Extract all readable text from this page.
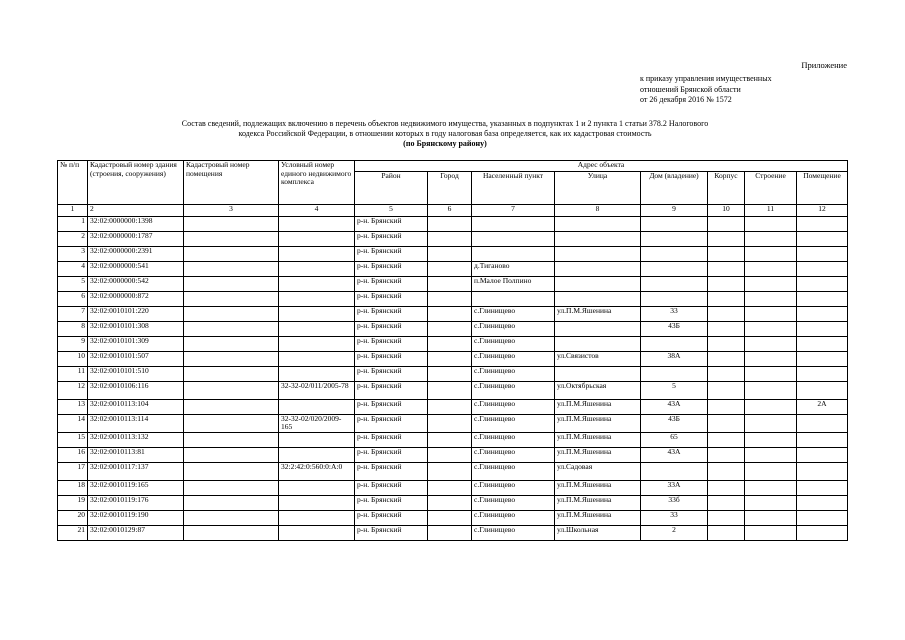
Приложение
к приказу управления имущественных
отношений Брянской области
от 26 декабря 2016 № 1572
Состав сведений, подлежащих включению в перечень объектов недвижимого имущества, указанных в подпунктах 1 и 2 пункта 1 статьи 378.2 Налогового
кодекса Российской Федерации, в отношении которых в году налоговая база определяется, как их кадастровая стоимость
(по Брянскому району)
№ п/п	Кадастровый номер здания (строения, сооружения)	Кадастровый номер помещения	Условный номер единого недвижимого комплекса	Адрес объекта							
				Район	Город	Населенный пункт	Улица	Дом (владение)	Корпус	Строение	Помещение
1	2	3	4	5	6	7	8	9	10	11	12
1	32:02:0000000:1398			р-н. Брянский							
2	32:02:0000000:1787			р-н. Брянский							
3	32:02:0000000:2391			р-н. Брянский							
4	32:02:0000000:541			р-н. Брянский		д.Тиганово					
5	32:02:0000000:542			р-н. Брянский		п.Малое Полпино					
6	32:02:0000000:872			р-н. Брянский							
7	32:02:0010101:220			р-н. Брянский		с.Глинищево	ул.П.М.Яшенина	33			
8	32:02:0010101:308			р-н. Брянский		с.Глинищево		43Б			
9	32:02:0010101:309			р-н. Брянский		с.Глинищево					
10	32:02:0010101:507			р-н. Брянский		с.Глинищево	ул.Связистов	38А			
11	32:02:0010101:510			р-н. Брянский		с.Глинищево					
12	32:02:0010106:116		32-32-02/011/2005-78	р-н. Брянский		с.Глинищево	ул.Октябрьская	5			
13	32:02:0010113:104			р-н. Брянский		с.Глинищево	ул.П.М.Яшенина	43А			2А
14	32:02:0010113:114		32-32-02/020/2009-165	р-н. Брянский		с.Глинищево	ул.П.М.Яшенина	43Б			
15	32:02:0010113:132			р-н. Брянский		с.Глинищево	ул.П.М.Яшенина	65			
16	32:02:0010113:81			р-н. Брянский		с.Глинищево	ул.П.М.Яшенина	43А			
17	32:02:0010117:137		32:2:42:0:560:0:А:0	р-н. Брянский		с.Глинищево	ул.Садовая				
18	32:02:0010119:165			р-н. Брянский		с.Глинищево	ул.П.М.Яшенина	33А			
19	32:02:0010119:176			р-н. Брянский		с.Глинищево	ул.П.М.Яшенина	33б			
20	32:02:0010119:190			р-н. Брянский		с.Глинищево	ул.П.М.Яшенина	33			
21	32:02:0010129:87			р-н. Брянский		с.Глинищево	ул.Школьная	2			
